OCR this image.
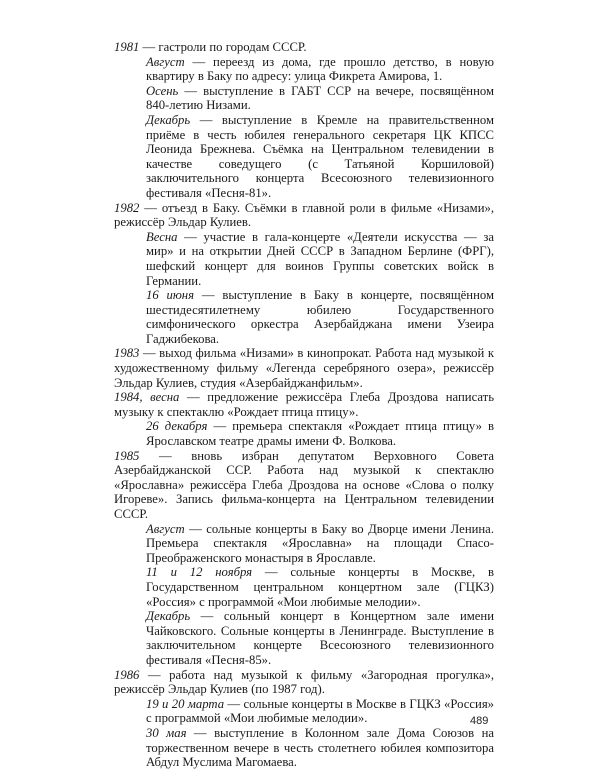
1981 — гастроли по городам СССР.

Август — переезд из дома, где прошло детство, в новую квартиру в Баку по адресу: улица Фикрета Амирова, 1.

Осень — выступление в ГАБТ ССР на вечере, посвящённом 840-летию Низами.

Декабрь — выступление в Кремле на правительственном приёме в честь юбилея генерального секретаря ЦК КПСС Леонида Брежнева. Съёмка на Центральном телевидении в качестве соведущего (с Татьяной Коршиловой) заключительного концерта Всесоюзного телевизионного фестиваля «Песня-81».

1982 — отъезд в Баку. Съёмки в главной роли в фильме «Низами», режиссёр Эльдар Кулиев.

Весна — участие в гала-концерте «Деятели искусства — за мир» и на открытии Дней СССР в Западном Берлине (ФРГ), шефский концерт для воинов Группы советских войск в Германии.

16 июня — выступление в Баку в концерте, посвящённом шестидесятилетнему юбилею Государственного симфонического оркестра Азербайджана имени Узеира Гаджибекова.

1983 — выход фильма «Низами» в кинопрокат. Работа над музыкой к художественному фильму «Легенда серебряного озера», режиссёр Эльдар Кулиев, студия «Азербайджанфильм».

1984, весна — предложение режиссёра Глеба Дроздова написать музыку к спектаклю «Рождает птица птицу».

26 декабря — премьера спектакля «Рождает птица птицу» в Ярославском театре драмы имени Ф. Волкова.

1985 — вновь избран депутатом Верховного Совета Азербайджанской ССР. Работа над музыкой к спектаклю «Ярославна» режиссёра Глеба Дроздова на основе «Слова о полку Игореве». Запись фильма-концерта на Центральном телевидении СССР.

Август — сольные концерты в Баку во Дворце имени Ленина. Премьера спектакля «Ярославна» на площади Спасо-Преображенского монастыря в Ярославле.

11 и 12 ноября — сольные концерты в Москве, в Государственном центральном концертном зале (ГЦКЗ) «Россия» с программой «Мои любимые мелодии».

Декабрь — сольный концерт в Концертном зале имени Чайковского. Сольные концерты в Ленинграде. Выступление в заключительном концерте Всесоюзного телевизионного фестиваля «Песня-85».

1986 — работа над музыкой к фильму «Загородная прогулка», режиссёр Эльдар Кулиев (по 1987 год).

19 и 20 марта — сольные концерты в Москве в ГЦКЗ «Россия» с программой «Мои любимые мелодии».

30 мая — выступление в Колонном зале Дома Союзов на торжественном вечере в честь столетнего юбилея композитора Абдул Муслима Магомаева.

489
